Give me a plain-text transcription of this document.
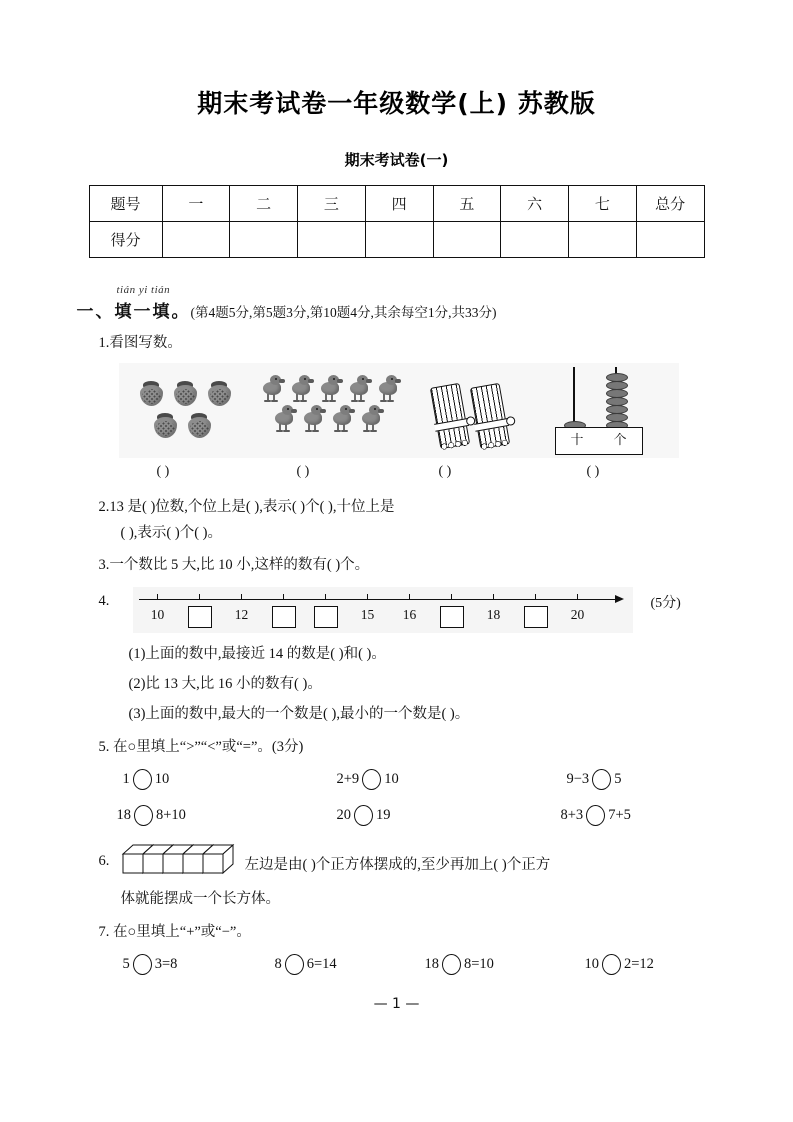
期末考试卷一年级数学(上) 苏教版
期末考试卷(一)
题号	一	二	三	四	五	六	七	总分
得分								
tián yi tián
一、填一填。 (第4题5分,第5题3分,第10题4分,其余每空1分,共33分)
1.看图写数。
十	个
( )	( )	( )	( )
2.13 是( )位数,个位上是( ),表示( )个( ),十位上是
( ),表示( )个( )。
3.一个数比 5 大,比 10 小,这样的数有( )个。
4.
10	12	15 16	18	20
(5分)
(1)上面的数中,最接近 14 的数是( )和( )。
(2)比 13 大,比 16 小的数有( )。
(3)上面的数中,最大的一个数是( ),最小的一个数是( )。
5. 在○里填上“>”“<”或“=”。(3分)
1 10	2+9 10	9−3 5
18 8+10	20 19	8+3 7+5
6.	左边是由( )个正方体摆成的,至少再加上( )个正方
体就能摆成一个长方体。
7. 在○里填上“+”或“−”。
5 3=8	8 6=14	18 8=10	10 2=12
— 1 —
